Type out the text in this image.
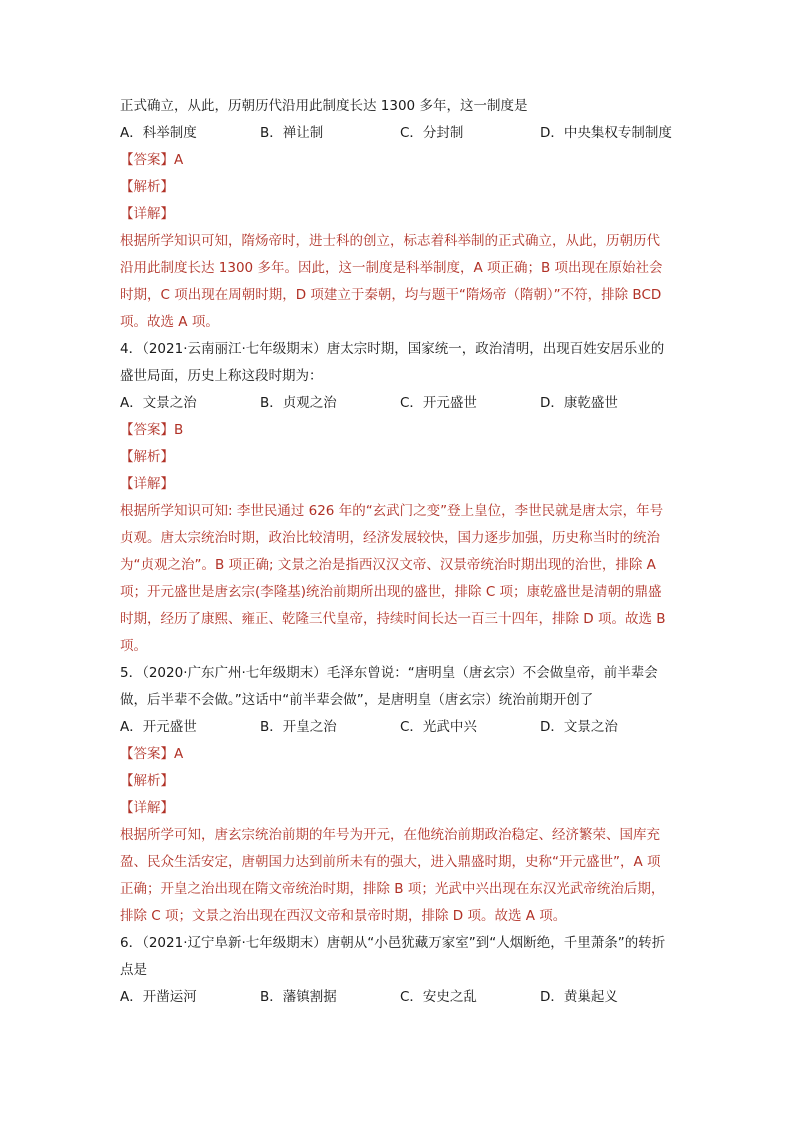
正式确立，从此，历朝历代沿用此制度长达 1300 多年，这一制度是
A．科举制度	B．禅让制	C．分封制	D．中央集权专制制度
【答案】A
【解析】
【详解】
根据所学知识可知，隋炀帝时，进士科的创立，标志着科举制的正式确立，从此，历朝历代
沿用此制度长达 1300 多年。因此，这一制度是科举制度，A 项正确；B 项出现在原始社会
时期，C 项出现在周朝时期，D 项建立于秦朝，均与题干“隋炀帝（隋朝）”不符，排除 BCD
项。故选 A 项。
4．（2021·云南丽江·七年级期末）唐太宗时期，国家统一，政治清明，出现百姓安居乐业的
盛世局面，历史上称这段时期为：
A．文景之治	B．贞观之治	C．开元盛世	D．康乾盛世
【答案】B
【解析】
【详解】
根据所学知识可知: 李世民通过 626 年的“玄武门之变”登上皇位，李世民就是唐太宗，年号
贞观。唐太宗统治时期，政治比较清明，经济发展较快，国力逐步加强，历史称当时的统治
为“贞观之治”。B 项正确; 文景之治是指西汉汉文帝、汉景帝统治时期出现的治世，排除 A
项；开元盛世是唐玄宗(李隆基)统治前期所出现的盛世，排除 C 项；康乾盛世是清朝的鼎盛
时期，经历了康熙、雍正、乾隆三代皇帝，持续时间长达一百三十四年，排除 D 项。故选 B
项。
5．（2020·广东广州·七年级期末）毛泽东曾说：“唐明皇（唐玄宗）不会做皇帝，前半辈会
做，后半辈不会做。”这话中“前半辈会做”，是唐明皇（唐玄宗）统治前期开创了
A．开元盛世	B．开皇之治	C．光武中兴	D．文景之治
【答案】A
【解析】
【详解】
根据所学可知，唐玄宗统治前期的年号为开元，在他统治前期政治稳定、经济繁荣、国库充
盈、民众生活安定，唐朝国力达到前所未有的强大，进入鼎盛时期，史称“开元盛世”，A 项
正确；开皇之治出现在隋文帝统治时期，排除 B 项；光武中兴出现在东汉光武帝统治后期，
排除 C 项；文景之治出现在西汉文帝和景帝时期，排除 D 项。故选 A 项。
6．（2021·辽宁阜新·七年级期末）唐朝从“小邑犹藏万家室”到“人烟断绝，千里萧条”的转折
点是
A．开凿运河	B．藩镇割据	C．安史之乱	D．黄巢起义
